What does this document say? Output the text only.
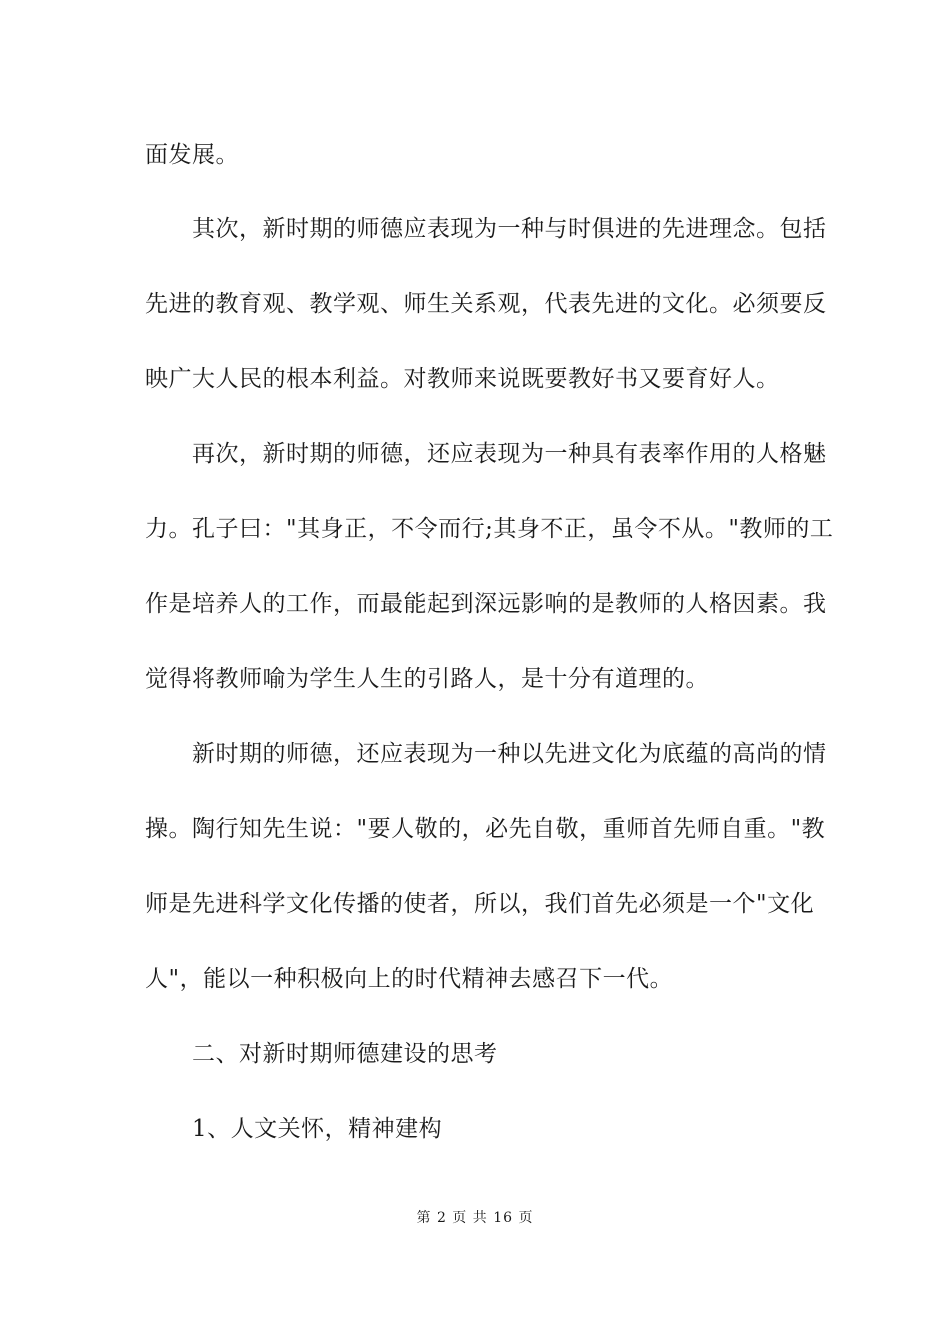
面发展。
其次，新时期的师德应表现为一种与时俱进的先进理念。包括
先进的教育观、教学观、师生关系观，代表先进的文化。必须要反
映广大人民的根本利益。对教师来说既要教好书又要育好人。
再次，新时期的师德，还应表现为一种具有表率作用的人格魅
力。孔子曰："其身正，不令而行;其身不正，虽令不从。"教师的工
作是培养人的工作，而最能起到深远影响的是教师的人格因素。我
觉得将教师喻为学生人生的引路人，是十分有道理的。
新时期的师德，还应表现为一种以先进文化为底蕴的高尚的情
操。陶行知先生说："要人敬的，必先自敬，重师首先师自重。"教
师是先进科学文化传播的使者，所以，我们首先必须是一个"文化
人"，能以一种积极向上的时代精神去感召下一代。
二、对新时期师德建设的思考
1、人文关怀，精神建构
第 2 页 共 16 页
